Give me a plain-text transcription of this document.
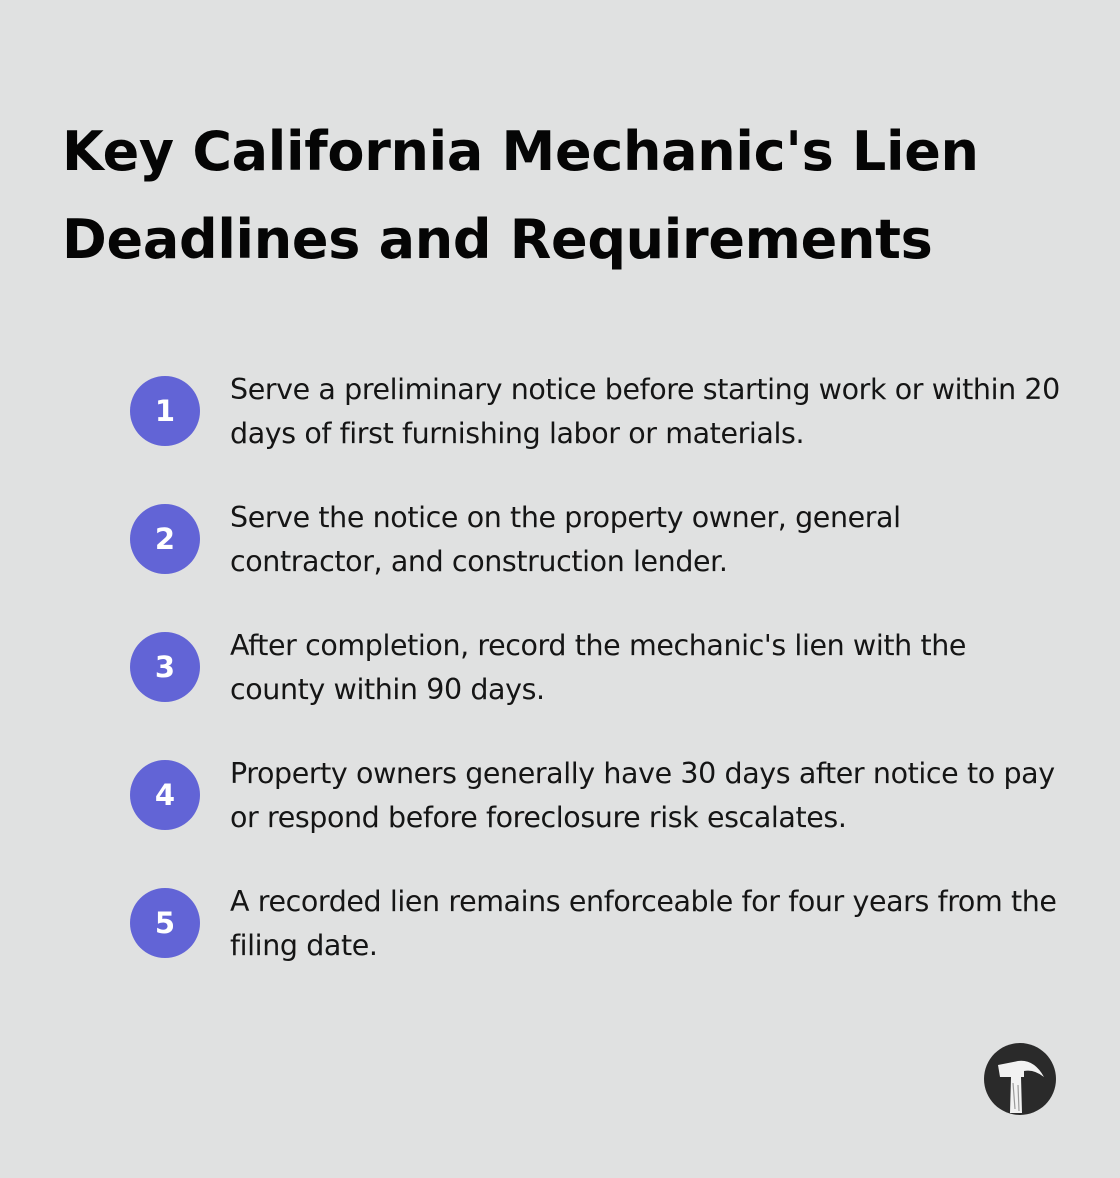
Key California Mechanic's Lien Deadlines and Requirements
1

Serve a preliminary notice before starting work or within 20 days of first furnishing labor or materials.

2

Serve the notice on the property owner, general contractor, and construction lender.

3

After completion, record the mechanic's lien with the county within 90 days.

4

Property owners generally have 30 days after notice to pay or respond before foreclosure risk escalates.

5

A recorded lien remains enforceable for four years from the filing date.
